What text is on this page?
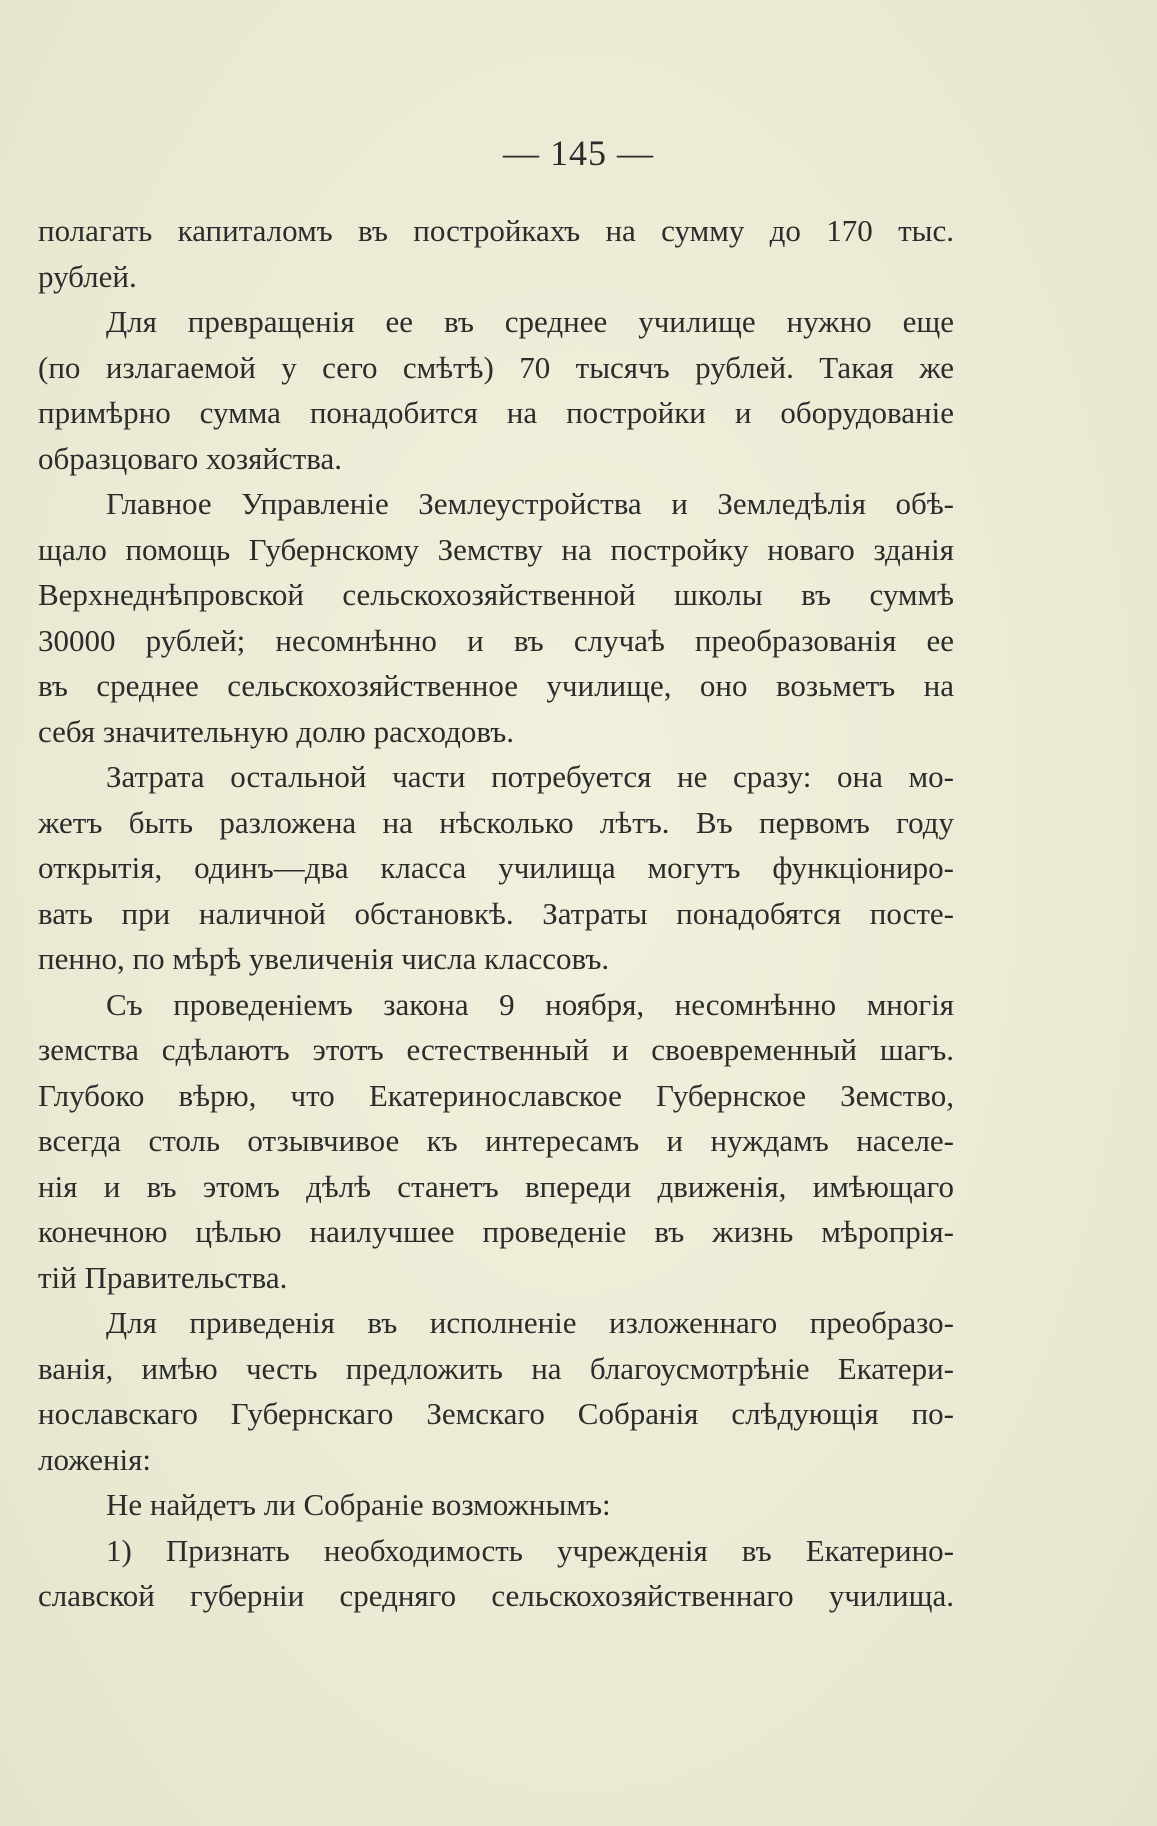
— 145 —
полагать капиталомъ въ постройкахъ на сумму до 170 тыс.
рублей.
Для превращенія ее въ среднее училище нужно еще
(по излагаемой у сего смѣтѣ) 70 тысячъ рублей. Такая же
примѣрно сумма понадобится на постройки и оборудованіе
образцоваго хозяйства.
Главное Управленіе Землеустройства и Земледѣлія обѣ-
щало помощь Губернскому Земству на постройку новаго зданія
Верхнеднѣпровской сельскохозяйственной школы въ суммѣ
30000 рублей; несомнѣнно и въ случаѣ преобразованія ее
въ среднее сельскохозяйственное училище, оно возьметъ на
себя значительную долю расходовъ.
Затрата остальной части потребуется не сразу: она мо-
жетъ быть разложена на нѣсколько лѣтъ. Въ первомъ году
открытія, одинъ—два класса училища могутъ функціониро-
вать при наличной обстановкѣ. Затраты понадобятся посте-
пенно, по мѣрѣ увеличенія числа классовъ.
Съ проведеніемъ закона 9 ноября, несомнѣнно многія
земства сдѣлаютъ этотъ естественный и своевременный шагъ.
Глубоко вѣрю, что Екатеринославское Губернское Земство,
всегда столь отзывчивое къ интересамъ и нуждамъ населе-
нія и въ этомъ дѣлѣ станетъ впереди движенія, имѣющаго
конечною цѣлью наилучшее проведеніе въ жизнь мѣропрія-
тій Правительства.
Для приведенія въ исполненіе изложеннаго преобразо-
ванія, имѣю честь предложить на благоусмотрѣніе Екатери-
нославскаго Губернскаго Земскаго Собранія слѣдующія по-
ложенія:
Не найдетъ ли Собраніе возможнымъ:
1) Признать необходимость учрежденія въ Екатерино-
славской губерніи средняго сельскохозяйственнаго училища.
